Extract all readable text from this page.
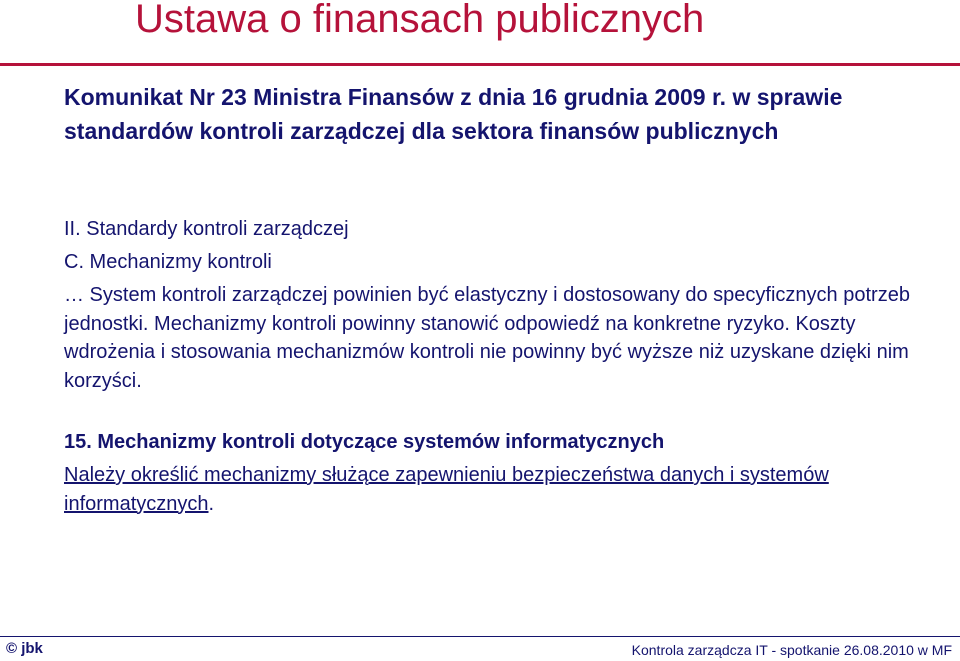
Ustawa o finansach publicznych
Komunikat Nr 23 Ministra Finansów z dnia 16 grudnia 2009 r. w sprawie standardów kontroli zarządczej dla sektora finansów publicznych
II. Standardy kontroli zarządczej
C. Mechanizmy kontroli
… System kontroli zarządczej powinien być elastyczny i dostosowany do specyficznych potrzeb jednostki. Mechanizmy kontroli powinny stanowić odpowiedź na konkretne ryzyko. Koszty wdrożenia i stosowania mechanizmów kontroli nie powinny być wyższe niż uzyskane dzięki nim korzyści.
15. Mechanizmy kontroli dotyczące systemów informatycznych
Należy określić mechanizmy służące zapewnieniu bezpieczeństwa danych i systemów informatycznych.
© jbk	Kontrola zarządcza IT - spotkanie 26.08.2010 w MF
